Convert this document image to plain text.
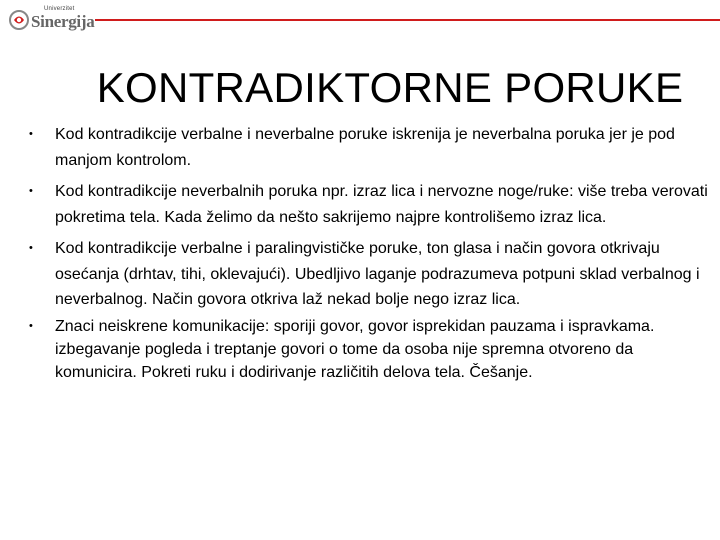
Univerzitet
Sinergija
KONTRADIKTORNE PORUKE
• Kod kontradikcije verbalne i neverbalne poruke iskrenija je neverbalna poruka jer je pod manjom kontrolom.
• Kod kontradikcije neverbalnih poruka npr. izraz lica i nervozne noge/ruke: više treba verovati pokretima tela. Kada želimo da nešto sakrijemo najpre kontrolišemo izraz lica.
• Kod kontradikcije verbalne i paralingvističke poruke, ton glasa i način govora otkrivaju osećanja (drhtav, tihi, oklevajući). Ubedljivo laganje podrazumeva potpuni sklad verbalnog i neverbalnog. Način govora otkriva laž nekad bolje nego izraz lica.
• Znaci neiskrene komunikacije: sporiji govor, govor isprekidan pauzama i ispravkama. izbegavanje pogleda i treptanje govori o tome da osoba nije spremna otvoreno da komunicira. Pokreti ruku i dodirivanje različitih delova tela. Češanje.
